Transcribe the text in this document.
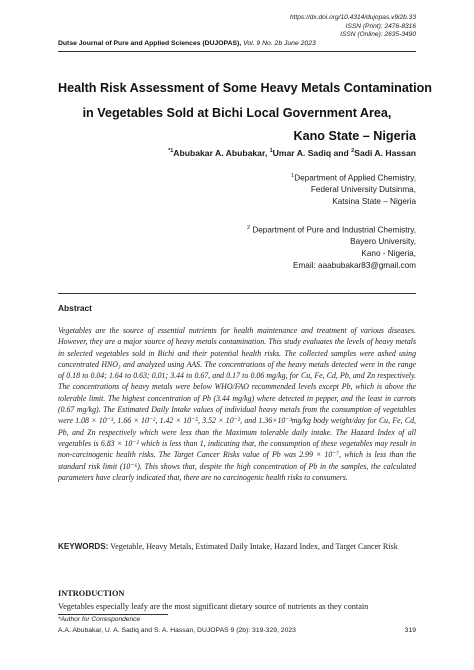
https://dx.doi.org/10.4314/dujopas.v9i2b.33
ISSN (Print): 2476-8316
ISSN (Online): 2635-3490
Dutse Journal of Pure and Applied Sciences (DUJOPAS), Vol. 9 No. 2b June 2023
Health Risk Assessment of Some Heavy Metals Contamination
in Vegetables Sold at Bichi Local Government Area,
Kano State – Nigeria
$^{*1}$Abubakar A. Abubakar, $^1$Umar A. Sadiq and $^2$Sadi A. Hassan
$^1$Department of Applied Chemistry,
Federal University Dutsinma,
Katsina State – Nigeria
$^2$ Department of Pure and Industrial Chemistry,
Bayero University,
Kano - Nigeria,
Email: aaabubakar83@gmail.com
Abstract
Vegetables are the source of essential nutrients for health maintenance and treatment of various diseases. However, they are a major source of heavy metals contamination. This study evaluates the levels of heavy metals in selected vegetables sold in Bichi and their potential health risks. The collected samples were ashed using concentrated HNO₃ and analyzed using AAS. The concentrations of the heavy metals detected were in the range of 0.18 to 0.04; 1.64 to 0.63; 0.01; 3.44 to 0.67, and 0.17 to 0.06 mg/kg, for Cu, Fe, Cd, Pb, and Zn respectively. The concentrations of heavy metals were below WHO/FAO recommended levels except Pb, which is above the tolerable limit. The highest concentration of Pb (3.44 mg/kg) where detected in pepper, and the least in carrots (0.67 mg/kg). The Estimated Daily Intake values of individual heavy metals from the consumption of vegetables were 1.08 × 10⁻³, 1.66 × 10⁻², 1.42 × 10⁻⁵, 3.52 × 10⁻², and 1.36×10⁻³mg/kg body weight/day for Cu, Fe, Cd, Pb, and Zn respectively which were less than the Maximum tolerable daily intake. The Hazard Index of all vegetables is 6.83 × 10⁻² which is less than 1, indicating that, the consumption of these vegetables may result in non-carcinogenic health risks. The Target Cancer Risks value of Pb was 2.99 × 10⁻⁷, which is less than the standard risk limit (10⁻⁶). This shows that, despite the high concentration of Pb in the samples, the calculated parameters have clearly indicated that, there are no carcinogenic health risks to consumers.
KEYWORDS: Vegetable, Heavy Metals, Estimated Daily Intake, Hazard Index, and Target Cancer Risk
INTRODUCTION
Vegetables especially leafy are the most significant dietary source of nutrients as they contain
*Author for Correspondence
A.A. Abubakar, U. A. Sadiq and S. A. Hassan, DUJOPAS 9 (2b): 319-329, 2023	319
